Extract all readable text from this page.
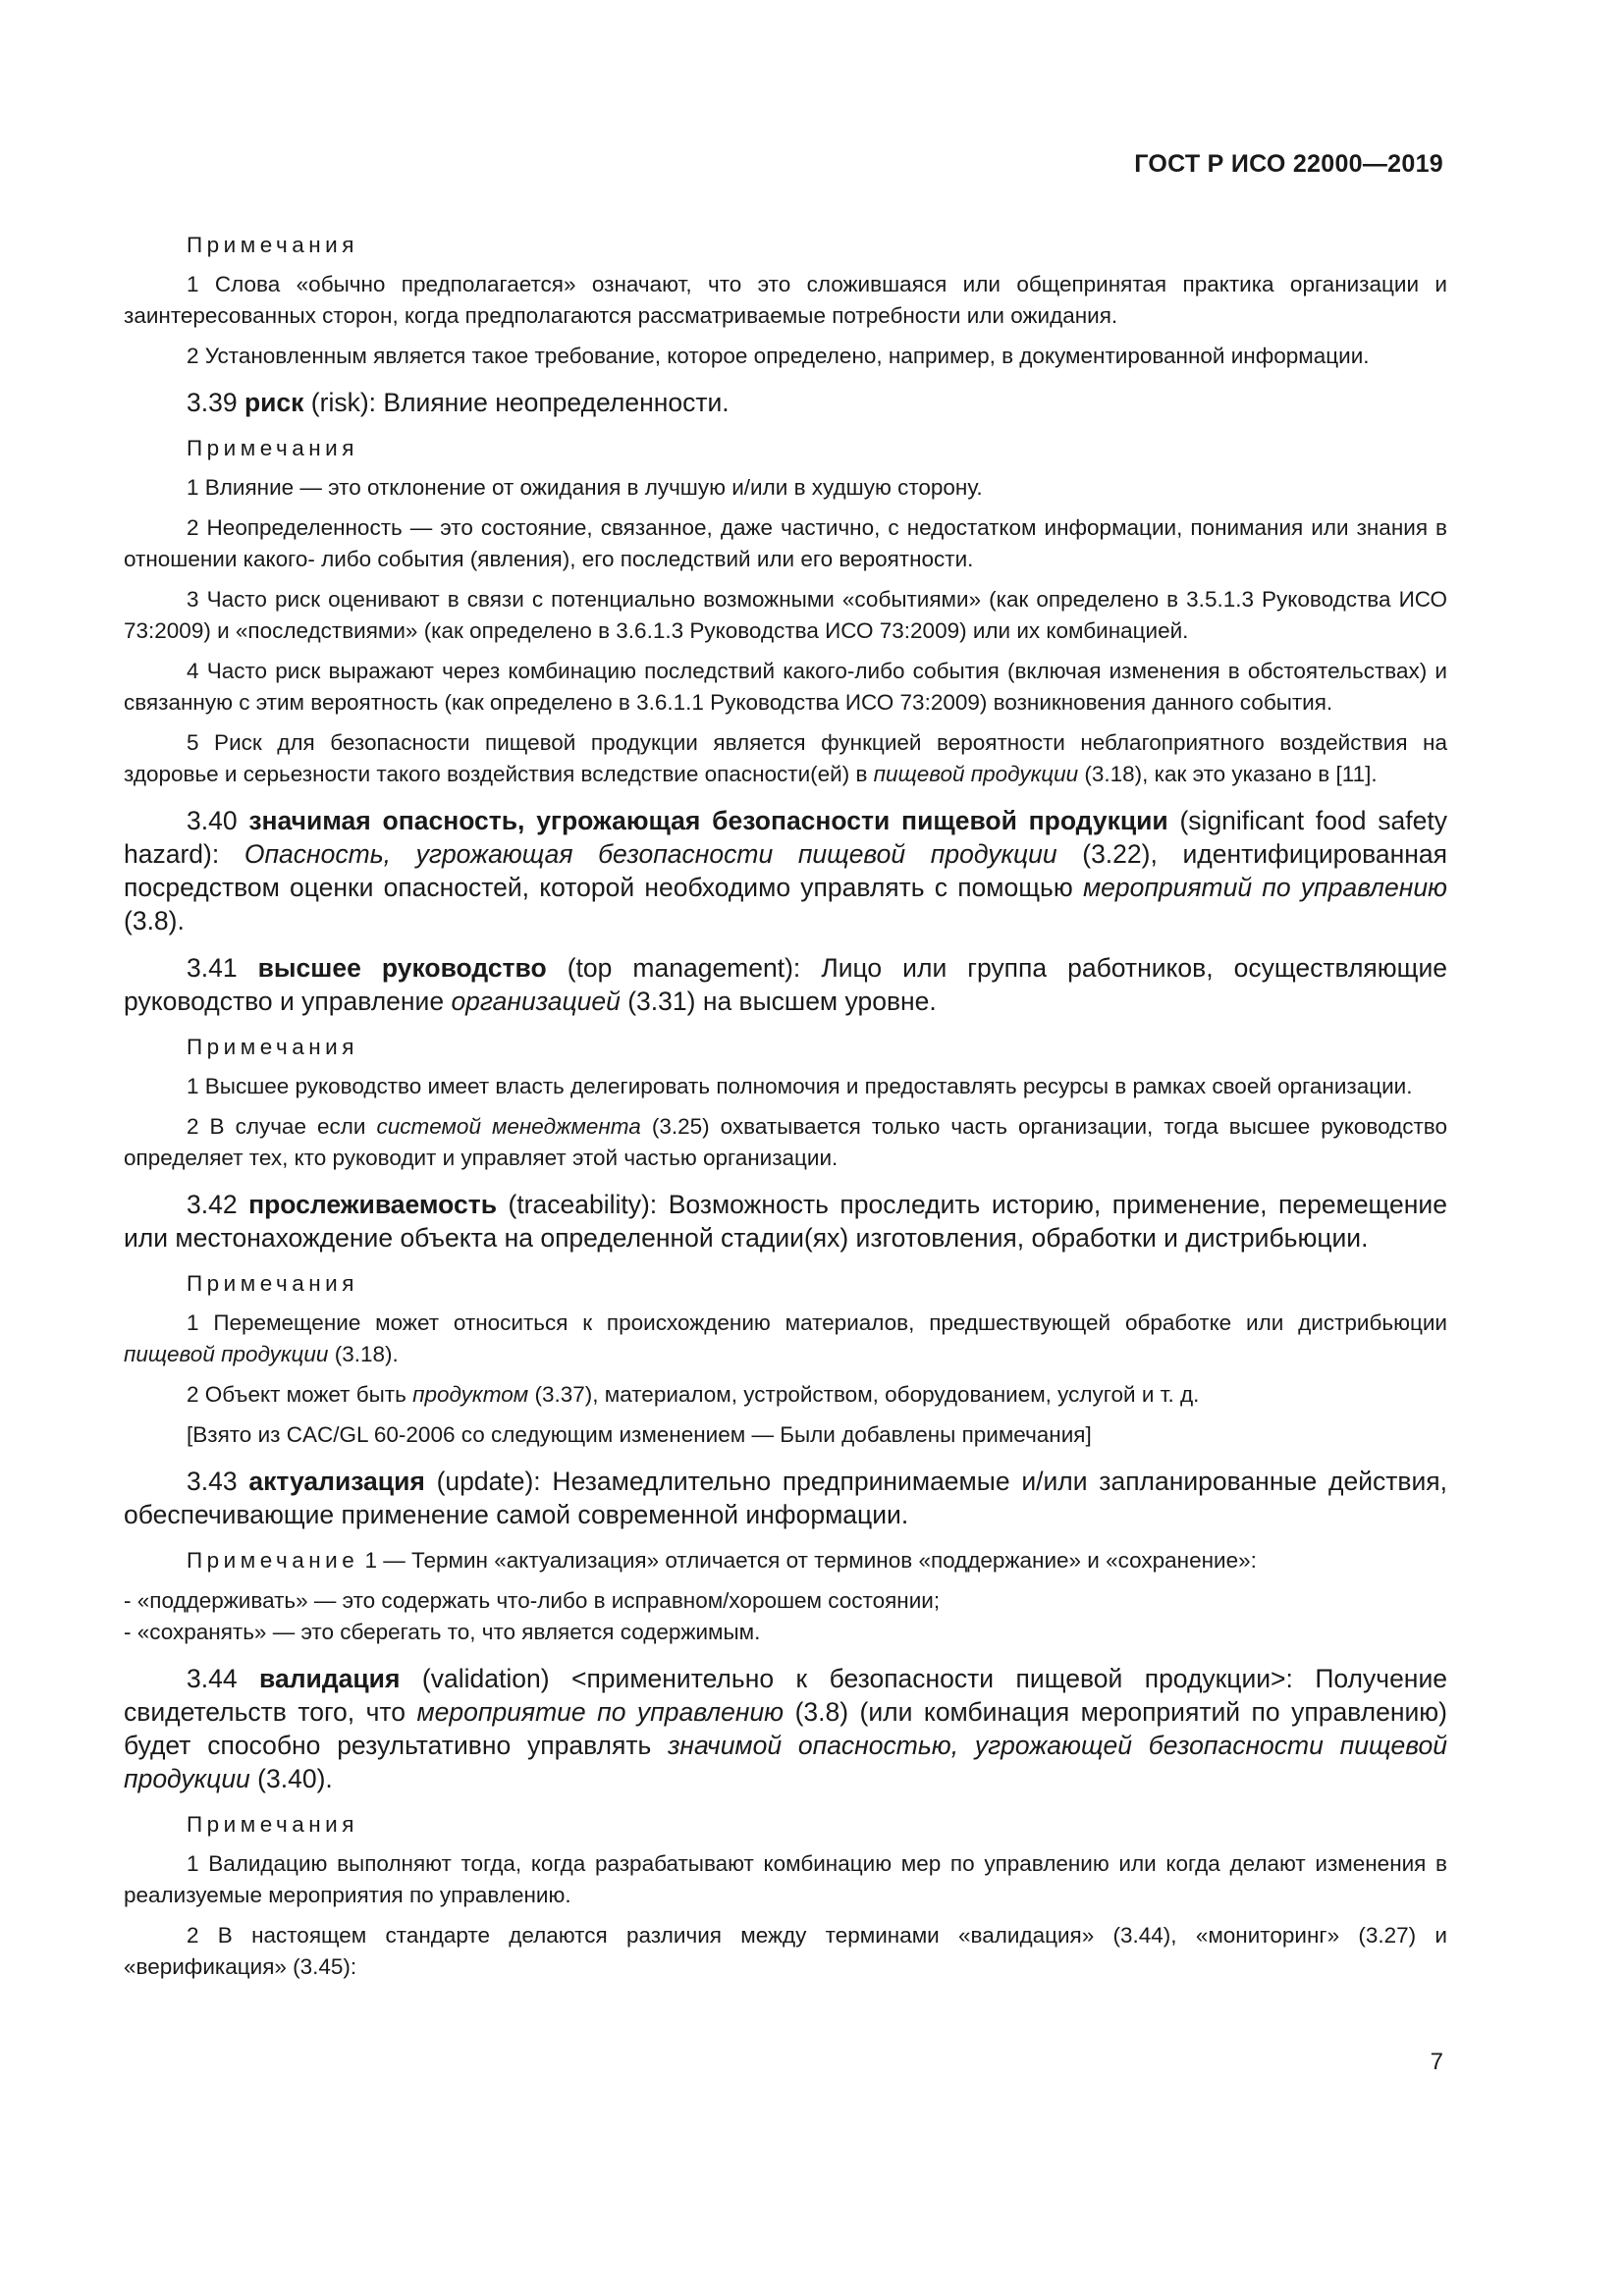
ГОСТ Р ИСО 22000—2019

Примечания

1 Слова «обычно предполагается» означают, что это сложившаяся или общепринятая практика организации и заинтересованных сторон, когда предполагаются рассматриваемые потребности или ожидания.

2 Установленным является такое требование, которое определено, например, в документированной информации.

3.39 риск (risk): Влияние неопределенности.

Примечания

1 Влияние — это отклонение от ожидания в лучшую и/или в худшую сторону.

2 Неопределенность — это состояние, связанное, даже частично, с недостатком информации, понимания или знания в отношении какого- либо события (явления), его последствий или его вероятности.

3 Часто риск оценивают в связи с потенциально возможными «событиями» (как определено в 3.5.1.3 Руководства ИСО 73:2009) и «последствиями» (как определено в 3.6.1.3 Руководства ИСО 73:2009) или их комбинацией.

4 Часто риск выражают через комбинацию последствий какого-либо события (включая изменения в обстоятельствах) и связанную с этим вероятность (как определено в 3.6.1.1 Руководства ИСО 73:2009) возникновения данного события.

5 Риск для безопасности пищевой продукции является функцией вероятности неблагоприятного воздействия на здоровье и серьезности такого воздействия вследствие опасности(ей) в пищевой продукции (3.18), как это указано в [11].

3.40 значимая опасность, угрожающая безопасности пищевой продукции (significant food safety hazard): Опасность, угрожающая безопасности пищевой продукции (3.22), идентифицированная посредством оценки опасностей, которой необходимо управлять с помощью мероприятий по управлению (3.8).

3.41 высшее руководство (top management): Лицо или группа работников, осуществляющие руководство и управление организацией (3.31) на высшем уровне.

Примечания

1 Высшее руководство имеет власть делегировать полномочия и предоставлять ресурсы в рамках своей организации.

2 В случае если системой менеджмента (3.25) охватывается только часть организации, тогда высшее руководство определяет тех, кто руководит и управляет этой частью организации.

3.42 прослеживаемость (traceability): Возможность проследить историю, применение, перемещение или местонахождение объекта на определенной стадии(ях) изготовления, обработки и дистрибьюции.

Примечания

1 Перемещение может относиться к происхождению материалов, предшествующей обработке или дистрибьюции пищевой продукции (3.18).

2 Объект может быть продуктом (3.37), материалом, устройством, оборудованием, услугой и т. д.

[Взято из CAC/GL 60-2006 со следующим изменением — Были добавлены примечания]

3.43 актуализация (update): Незамедлительно предпринимаемые и/или запланированные действия, обеспечивающие применение самой современной информации.

Примечание 1 — Термин «актуализация» отличается от терминов «поддержание» и «сохранение»:

- «поддерживать» — это содержать что-либо в исправном/хорошем состоянии;

- «сохранять» — это сберегать то, что является содержимым.

3.44 валидация (validation) <применительно к безопасности пищевой продукции>: Получение свидетельств того, что мероприятие по управлению (3.8) (или комбинация мероприятий по управлению) будет способно результативно управлять значимой опасностью, угрожающей безопасности пищевой продукции (3.40).

Примечания

1 Валидацию выполняют тогда, когда разрабатывают комбинацию мер по управлению или когда делают изменения в реализуемые мероприятия по управлению.

2 В настоящем стандарте делаются различия между терминами «валидация» (3.44), «мониторинг» (3.27) и «верификация» (3.45):

7
